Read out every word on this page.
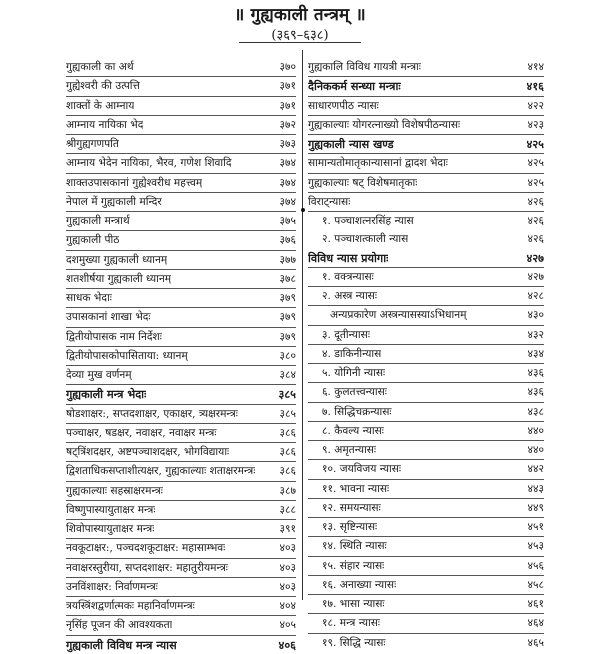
॥ गुह्यकाली तन्त्रम् ॥
(३६९–६३८)
गुह्यकाली का अर्थ	३७०
गुह्येश्वरी की उत्पत्ति	३७१
शाक्तों के आम्नाय	३७१
आम्नाय नायिका भेद	३७२
श्रीगुह्यगणपति	३७३
आम्नाय भेदेन नायिका, भैरव, गणेश शिवादि	३७४
शाक्तउपासकानां गुह्येश्वरीध महत्त्वम्	३७४
नेपाल में गुह्यकाली मन्दिर	३७४
गुह्यकाली मन्त्रार्थ	३७५
गुह्यकाली पीठ	३७६
दशमुख्या गुह्यकाली ध्यानम्	३७७
शतशीर्षया गुह्यकाली ध्यानम्	३७८
साधक भेदाः	३७९
उपासकानां शाखा भेदः	३७९
द्वितीयोपासक नाम निर्देशः	३७९
द्वितीयोपासकोपासिताया: ध्यानम्	३८०
देव्या मुख वर्णनम्	३८४
गुह्यकाली मन्त्र भेदाः	३८५
षोडशाक्षर:, सप्तदशाक्षर, एकाक्षर, त्र्यक्षरमन्त्रः	३८५
पञ्चाक्षर, षडक्षर, नवाक्षर, नवाक्षर मन्त्रः	३८६
षट्त्रिंशदक्षर, अष्टपञ्चाशदक्षर, भोगविद्यायाः	३८६
द्विशताधिकसप्ताशीत्यक्षर, गुह्यकाल्याः शताक्षरमन्त्रः ३८६
गुह्यकाल्याः सहस्राक्षरमन्त्रः	३८७
विष्णुपास्यायुताक्षर मन्त्रः	३८८
शिवोपास्यायुताक्षर मन्त्रः	३९१
नवकूटाक्षर:, पञ्चदशकूटाक्षर: महासाम्भवः	४०३
नवाक्षरस्तुरीया, सप्तदशाक्षर: महातुरीयमन्त्रः	४०३
उनविंशाक्षर: निर्वाणमन्त्रः	४०३
त्रयस्त्रिंशद्वर्णात्मकः महानिर्वाणमन्त्रः	४०४
नृसिंह पूजन की आवश्यकता	४०५
गुह्यकाली विविध मन्त्र न्यास	४०६
गुह्यकालि विविध गायत्री मन्त्राः	४१४
दैनिककर्म सन्ध्या मन्त्राः	४१६
साधारणपीठ न्यासः	४२२
गुह्यकाल्याः योगरत्नाख्यो विशेषपीठन्यासः	४२३
गुह्यकाली न्यास खण्ड	४२५
सामान्यतोमातृकान्यासानां द्वादश भेदाः	४२५
गुह्यकाल्याः षट् विशेषमातृकाः	४२५
विराट्न्यासः	४२६
१. पञ्चाशत्नरसिंह न्यास	४२६
२. पञ्चाशत्काली न्यास	४२६
विविध न्यास प्रयोगाः	४२७
१. वक्त्रन्यासः	४२७
२. अस्त्र न्यासः	४२८
अन्यप्रकारेण अस्त्रन्यासस्याऽभिधानम्	४३०
३. दूतीन्यासः	४३२
४. डाकिनीन्यास	४३४
५. योगिनी न्यासः	४३६
६. कुलतत्त्वन्यासः	४३६
७. सिद्धिचक्रन्यासः	४३८
८. कैवल्य न्यासः	४४०
९. अमृतन्यासः	४४०
१०. जयविजय न्यासः	४४२
११. भावना न्यासः	४४३
१२. समयन्यासः	४४९
१३. सृष्टिन्यासः	४५१
१४. स्थिति न्यासः	४५३
१५. संहार न्यासः	४५६
१६. अनाख्या न्यासः	४५८
१७. भासा न्यासः	४६१
१८. मन्त्र न्यासः	४६४
१९. सिद्धि न्यासः	४६५
